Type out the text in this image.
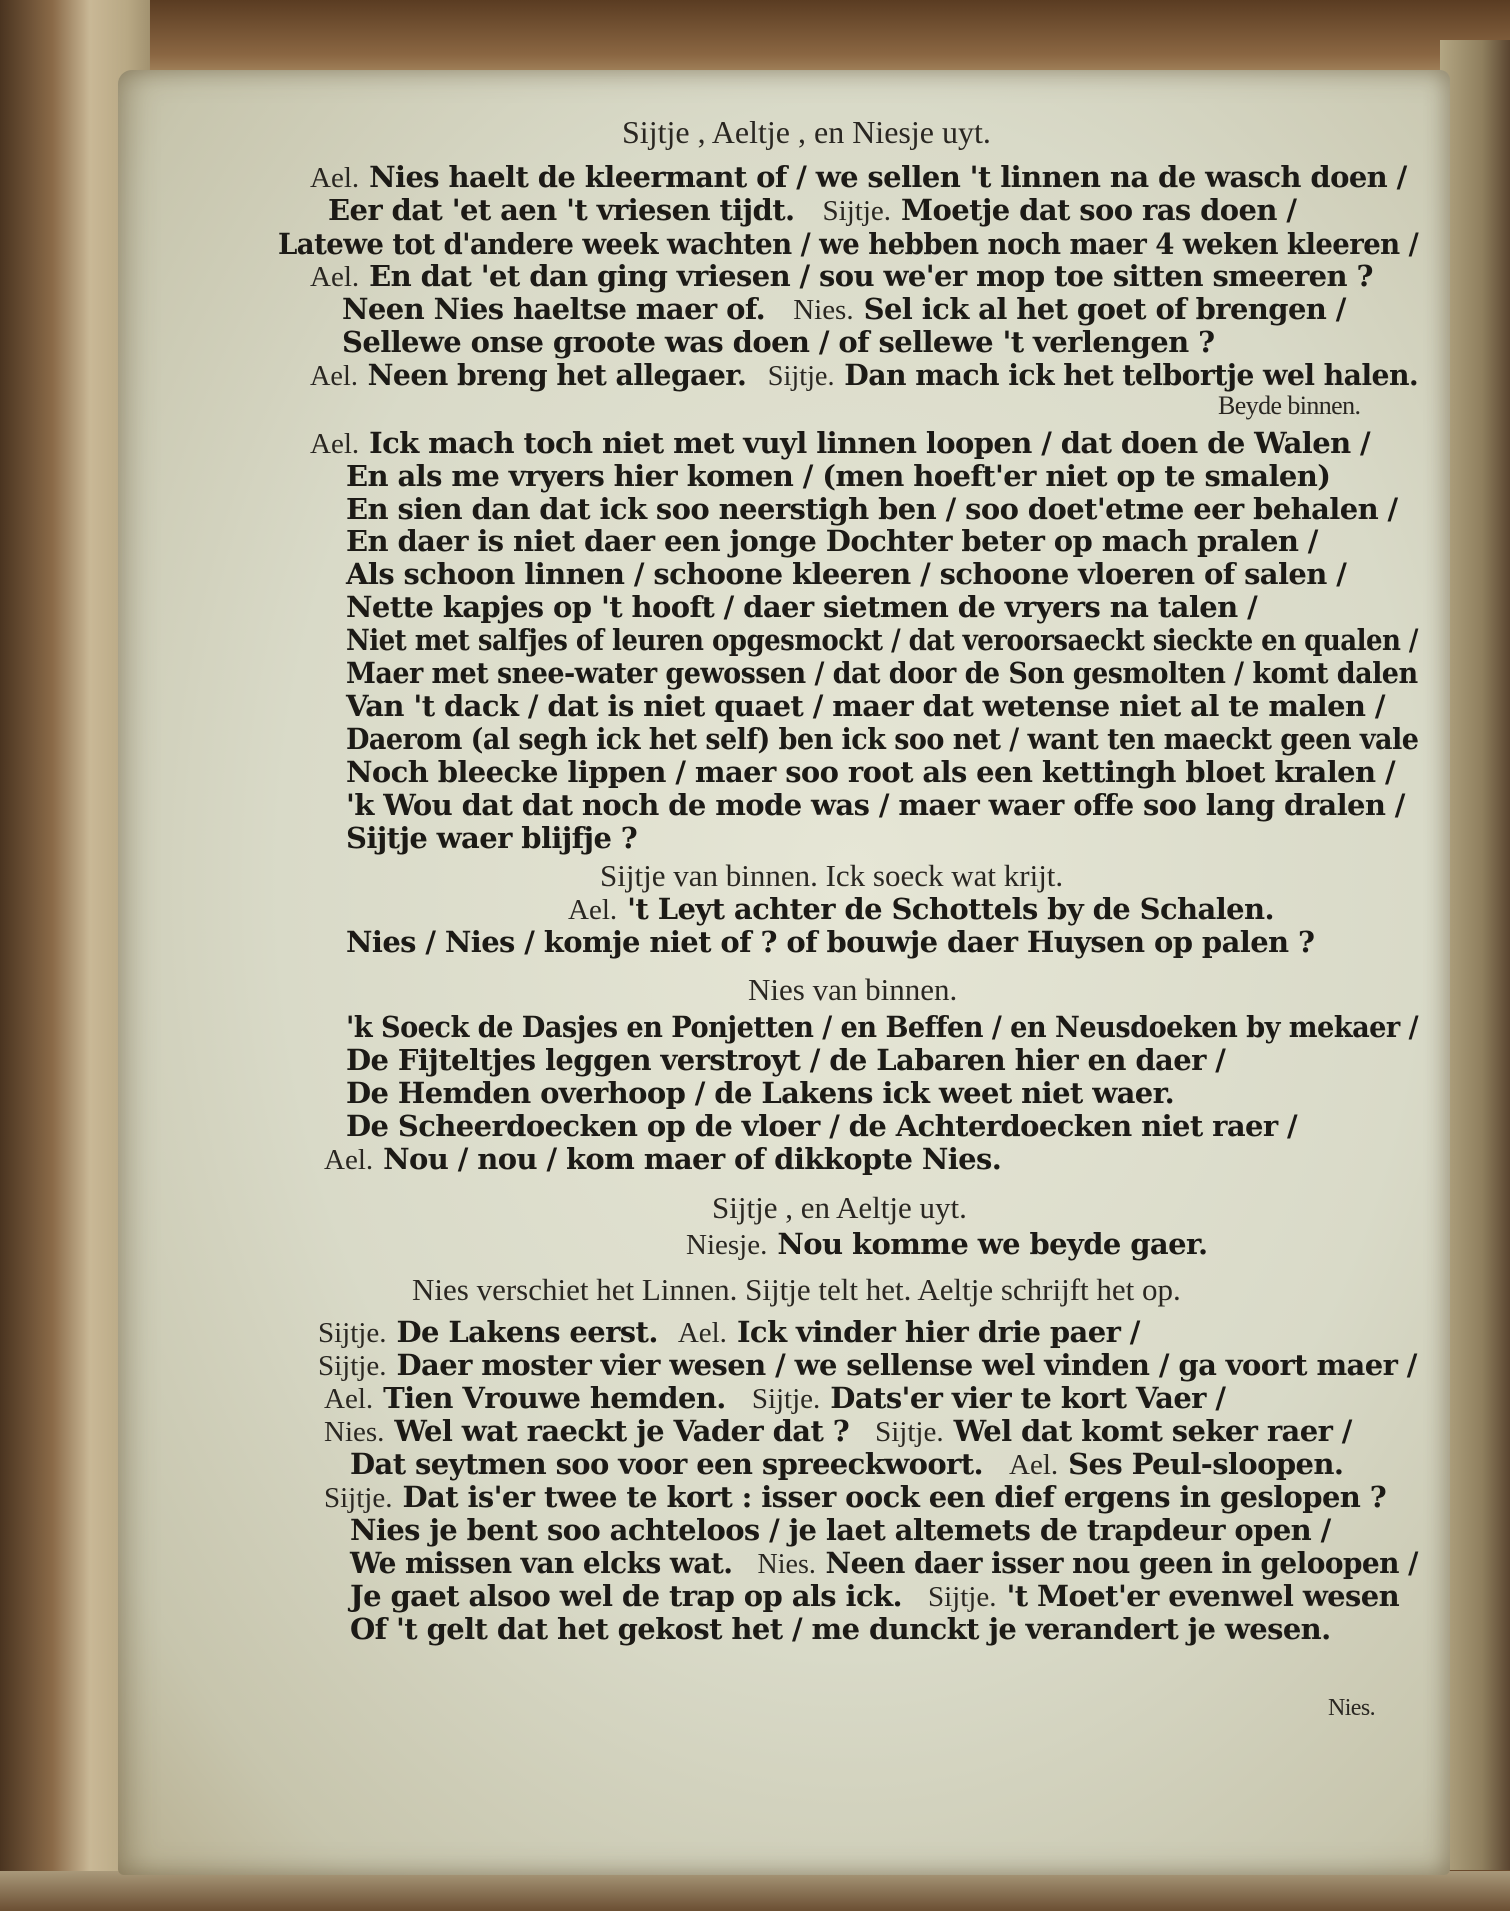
Sijtje , Aeltje , en Niesje uyt.
Ael. Nies haelt de kleermant of / we sellen 't linnen na de wasch doen /
Eer dat 'et aen 't vriesen tijdt. Sijtje. Moetje dat soo ras doen /
Latewe tot d'andere week wachten / we hebben noch maer 4 weken kleeren /
Ael. En dat 'et dan ging vriesen / sou we'er mop toe sitten smeeren ?
Neen Nies haeltse maer of. Nies. Sel ick al het goet of brengen /
Sellewe onse groote was doen / of sellewe 't verlengen ?
Ael. Neen breng het allegaer. Sijtje. Dan mach ick het telbortje wel halen.
Beyde binnen.
Ael. Ick mach toch niet met vuyl linnen loopen / dat doen de Walen /
En als me vryers hier komen / (men hoeft'er niet op te smalen)
En sien dan dat ick soo neerstigh ben / soo doet'etme eer behalen /
En daer is niet daer een jonge Dochter beter op mach pralen /
Als schoon linnen / schoone kleeren / schoone vloeren of salen /
Nette kapjes op 't hooft / daer sietmen de vryers na talen /
Niet met salfjes of leuren opgesmockt / dat veroorsaeckt sieckte en qualen /
Maer met snee-water gewossen / dat door de Son gesmolten / komt dalen
Van 't dack / dat is niet quaet / maer dat wetense niet al te malen /
Daerom (al segh ick het self) ben ick soo net / want ten maeckt geen vale
Noch bleecke lippen / maer soo root als een kettingh bloet kralen /
'k Wou dat dat noch de mode was / maer waer offe soo lang dralen /
Sijtje waer blijfje ?
Sijtje van binnen. Ick soeck wat krijt.
Ael. 't Leyt achter de Schottels by de Schalen.
Nies / Nies / komje niet of ? of bouwje daer Huysen op palen ?
Nies van binnen.
'k Soeck de Dasjes en Ponjetten / en Beffen / en Neusdoeken by mekaer /
De Fijteltjes leggen verstroyt / de Labaren hier en daer /
De Hemden overhoop / de Lakens ick weet niet waer.
De Scheerdoecken op de vloer / de Achterdoecken niet raer /
Ael. Nou / nou / kom maer of dikkopte Nies.
Sijtje , en Aeltje uyt.
Niesje. Nou komme we beyde gaer.
Nies verschiet het Linnen. Sijtje telt het. Aeltje schrijft het op.
Sijtje. De Lakens eerst. Ael. Ick vinder hier drie paer /
Sijtje. Daer moster vier wesen / we sellense wel vinden / ga voort maer /
Ael. Tien Vrouwe hemden. Sijtje. Dats'er vier te kort Vaer /
Nies. Wel wat raeckt je Vader dat ? Sijtje. Wel dat komt seker raer /
Dat seytmen soo voor een spreeckwoort. Ael. Ses Peul-sloopen.
Sijtje. Dat is'er twee te kort : isser oock een dief ergens in geslopen ?
Nies je bent soo achteloos / je laet altemets de trapdeur open /
We missen van elcks wat. Nies. Neen daer isser nou geen in geloopen /
Je gaet alsoo wel de trap op als ick. Sijtje. 't Moet'er evenwel wesen
Of 't gelt dat het gekost het / me dunckt je verandert je wesen.
Nies.
